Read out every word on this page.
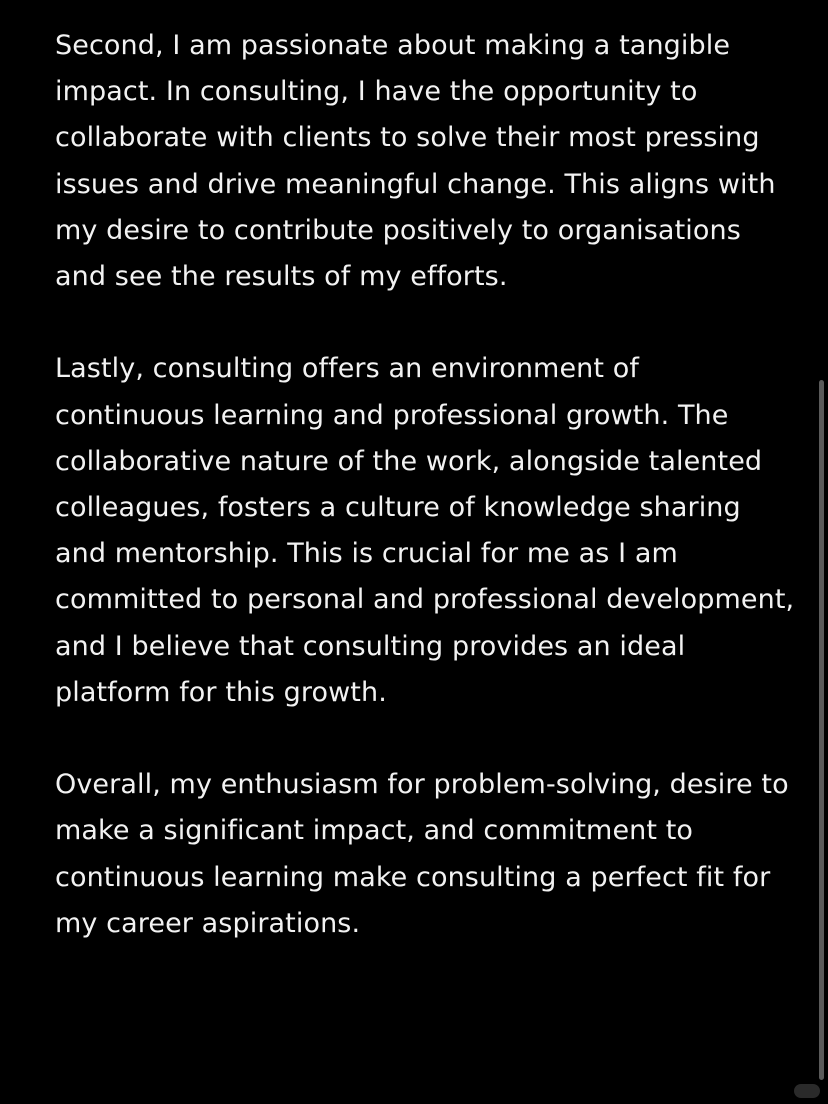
Second, I am passionate about making a tangible impact. In consulting, I have the opportunity to collaborate with clients to solve their most pressing issues and drive meaningful change. This aligns with my desire to contribute positively to organisations and see the results of my efforts.

Lastly, consulting offers an environment of continuous learning and professional growth. The collaborative nature of the work, alongside talented colleagues, fosters a culture of knowledge sharing and mentorship. This is crucial for me as I am committed to personal and professional development, and I believe that consulting provides an ideal platform for this growth.

Overall, my enthusiasm for problem-solving, desire to make a significant impact, and commitment to continuous learning make consulting a perfect fit for my career aspirations.
